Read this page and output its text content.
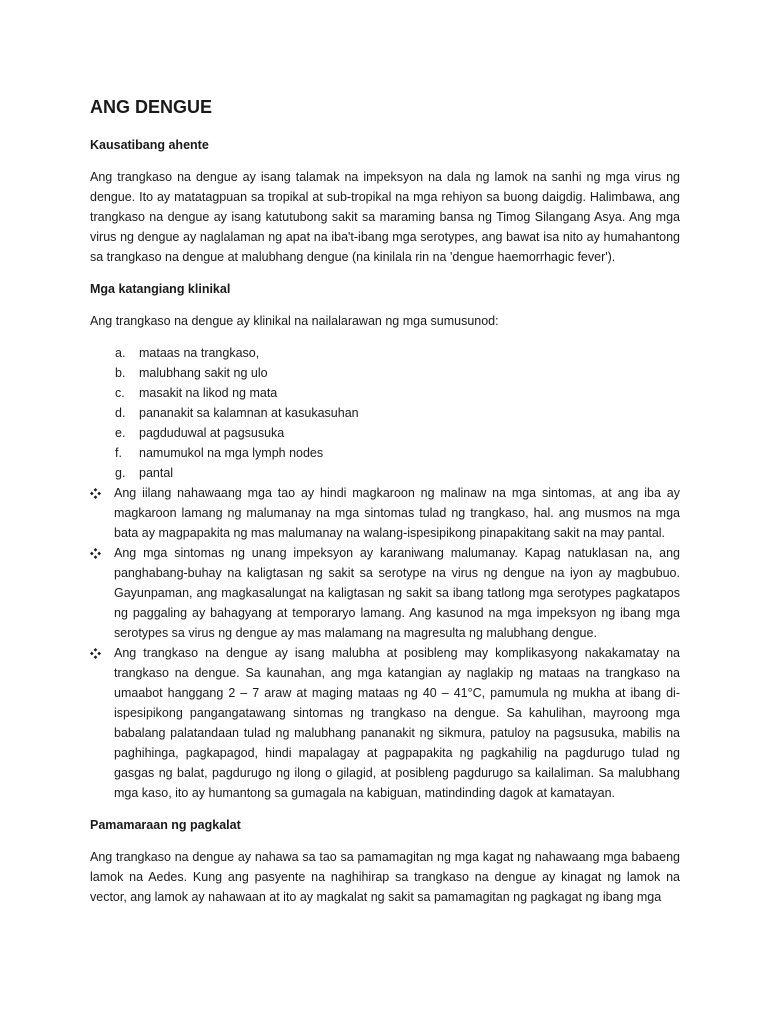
ANG DENGUE
Kausatibang ahente

Ang trangkaso na dengue ay isang talamak na impeksyon na dala ng lamok na sanhi ng mga virus ng dengue. Ito ay matatagpuan sa tropikal at sub-tropikal na mga rehiyon sa buong daigdig. Halimbawa, ang trangkaso na dengue ay isang katutubong sakit sa maraming bansa ng Timog Silangang Asya. Ang mga virus ng dengue ay naglalaman ng apat na iba't-ibang mga serotypes, ang bawat isa nito ay humahantong sa trangkaso na dengue at malubhang dengue (na kinilala rin na 'dengue haemorrhagic fever').

Mga katangiang klinikal

Ang trangkaso na dengue ay klinikal na nailalarawan ng mga sumusunod:

a.	mataas na trangkaso,
b.	malubhang sakit ng ulo
c.	masakit na likod ng mata
d.	pananakit sa kalamnan at kasukasuhan
e.	pagduduwal at pagsusuka
f.	namumukol na mga lymph nodes
g.	pantal
Ang iilang nahawaang mga tao ay hindi magkaroon ng malinaw na mga sintomas, at ang iba ay magkaroon lamang ng malumanay na mga sintomas tulad ng trangkaso, hal. ang musmos na mga bata ay magpapakita ng mas malumanay na walang-ispesipikong pinapakitang sakit na may pantal.
Ang mga sintomas ng unang impeksyon ay karaniwang malumanay. Kapag natuklasan na, ang panghabang-buhay na kaligtasan ng sakit sa serotype na virus ng dengue na iyon ay magbubuo. Gayunpaman, ang magkasalungat na kaligtasan ng sakit sa ibang tatlong mga serotypes pagkatapos ng paggaling ay bahagyang at temporaryo lamang. Ang kasunod na mga impeksyon ng ibang mga serotypes sa virus ng dengue ay mas malamang na magresulta ng malubhang dengue.
Ang trangkaso na dengue ay isang malubha at posibleng may komplikasyong nakakamatay na trangkaso na dengue. Sa kaunahan, ang mga katangian ay naglakip ng mataas na trangkaso na umaabot hanggang 2 – 7 araw at maging mataas ng 40 – 41°C, pamumula ng mukha at ibang di-ispesipikong pangangatawang sintomas ng trangkaso na dengue. Sa kahulihan, mayroong mga babalang palatandaan tulad ng malubhang pananakit ng sikmura, patuloy na pagsusuka, mabilis na paghihinga, pagkapagod, hindi mapalagay at pagpapakita ng pagkahilig na pagdurugo tulad ng gasgas ng balat, pagdurugo ng ilong o gilagid, at posibleng pagdurugo sa kailaliman. Sa malubhang mga kaso, ito ay humantong sa gumagala na kabiguan, matindinding dagok at kamatayan.
Pamamaraan ng pagkalat

Ang trangkaso na dengue ay nahawa sa tao sa pamamagitan ng mga kagat ng nahawaang mga babaeng lamok na Aedes. Kung ang pasyente na naghihirap sa trangkaso na dengue ay kinagat ng lamok na vector, ang lamok ay nahawaan at ito ay magkalat ng sakit sa pamamagitan ng pagkagat ng ibang mga
